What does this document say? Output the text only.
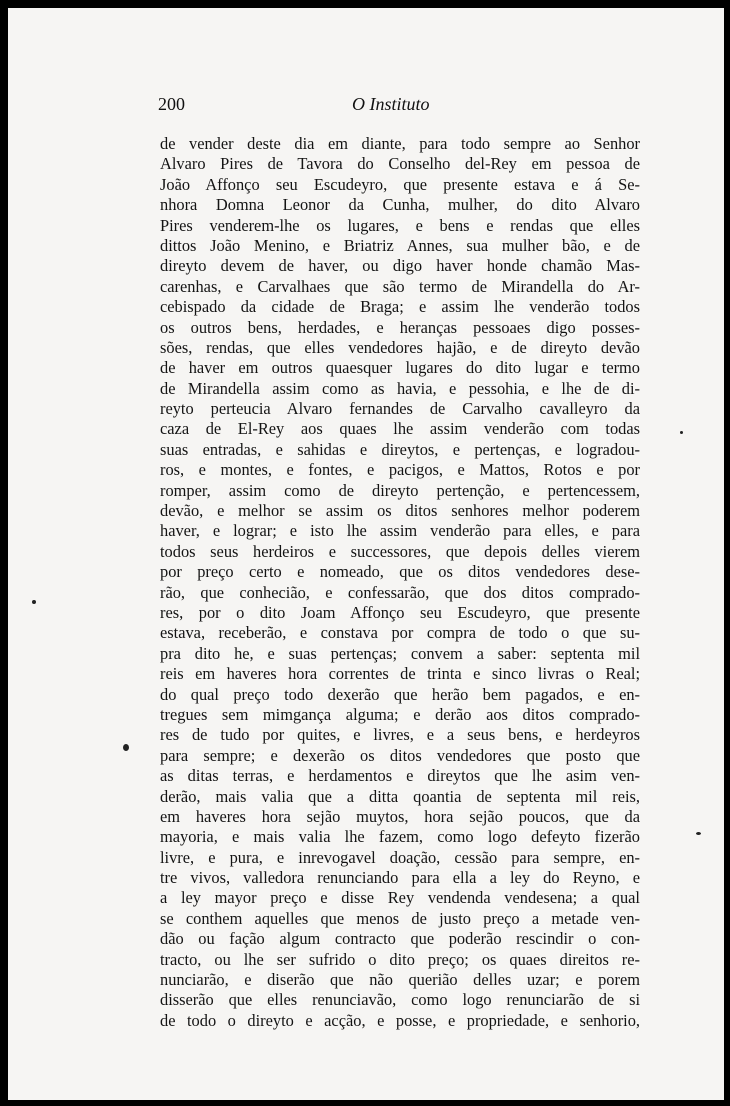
200	O Instituto
de vender deste dia em diante, para todo sempre ao Senhor
Alvaro Pires de Tavora do Conselho del-Rey em pessoa de
João Affonço seu Escudeyro, que presente estava e á Se-
nhora Domna Leonor da Cunha, mulher, do dito Alvaro
Pires venderem-lhe os lugares, e bens e rendas que elles
dittos João Menino, e Briatriz Annes, sua mulher bão, e de
direyto devem de haver, ou digo haver honde chamão Mas-
carenhas, e Carvalhaes que são termo de Mirandella do Ar-
cebispado da cidade de Braga; e assim lhe venderão todos
os outros bens, herdades, e heranças pessoaes digo posses-
sões, rendas, que elles vendedores hajão, e de direyto devão
de haver em outros quaesquer lugares do dito lugar e termo
de Mirandella assim como as havia, e pessohia, e lhe de di-
reyto perteucia Alvaro fernandes de Carvalho cavalleyro da
caza de El-Rey aos quaes lhe assim venderão com todas
suas entradas, e sahidas e direytos, e pertenças, e logradou-
ros, e montes, e fontes, e pacigos, e Mattos, Rotos e por
romper, assim como de direyto pertenção, e pertencessem,
devão, e melhor se assim os ditos senhores melhor poderem
haver, e lograr; e isto lhe assim venderão para elles, e para
todos seus herdeiros e successores, que depois delles vierem
por preço certo e nomeado, que os ditos vendedores dese-
rão, que conhecião, e confessarão, que dos ditos comprado-
res, por o dito Joam Affonço seu Escudeyro, que presente
estava, receberão, e constava por compra de todo o que su-
pra dito he, e suas pertenças; convem a saber: septenta mil
reis em haveres hora correntes de trinta e sinco livras o Real;
do qual preço todo dexerão que herão bem pagados, e en-
tregues sem mimgança alguma; e derão aos ditos comprado-
res de tudo por quites, e livres, e a seus bens, e herdeyros
para sempre; e dexerão os ditos vendedores que posto que
as ditas terras, e herdamentos e direytos que lhe asim ven-
derão, mais valia que a ditta qoantia de septenta mil reis,
em haveres hora sejão muytos, hora sejão poucos, que da
mayoria, e mais valia lhe fazem, como logo defeyto fizerão
livre, e pura, e inrevogavel doação, cessão para sempre, en-
tre vivos, valledora renunciando para ella a ley do Reyno, e
a ley mayor preço e disse Rey vendenda vendesena; a qual
se conthem aquelles que menos de justo preço a metade ven-
dão ou fação algum contracto que poderão rescindir o con-
tracto, ou lhe ser sufrido o dito preço; os quaes direitos re-
nunciarão, e diserão que não querião delles uzar; e porem
disserão que elles renunciavão, como logo renunciarão de si
de todo o direyto e acção, e posse, e propriedade, e senhorio,
